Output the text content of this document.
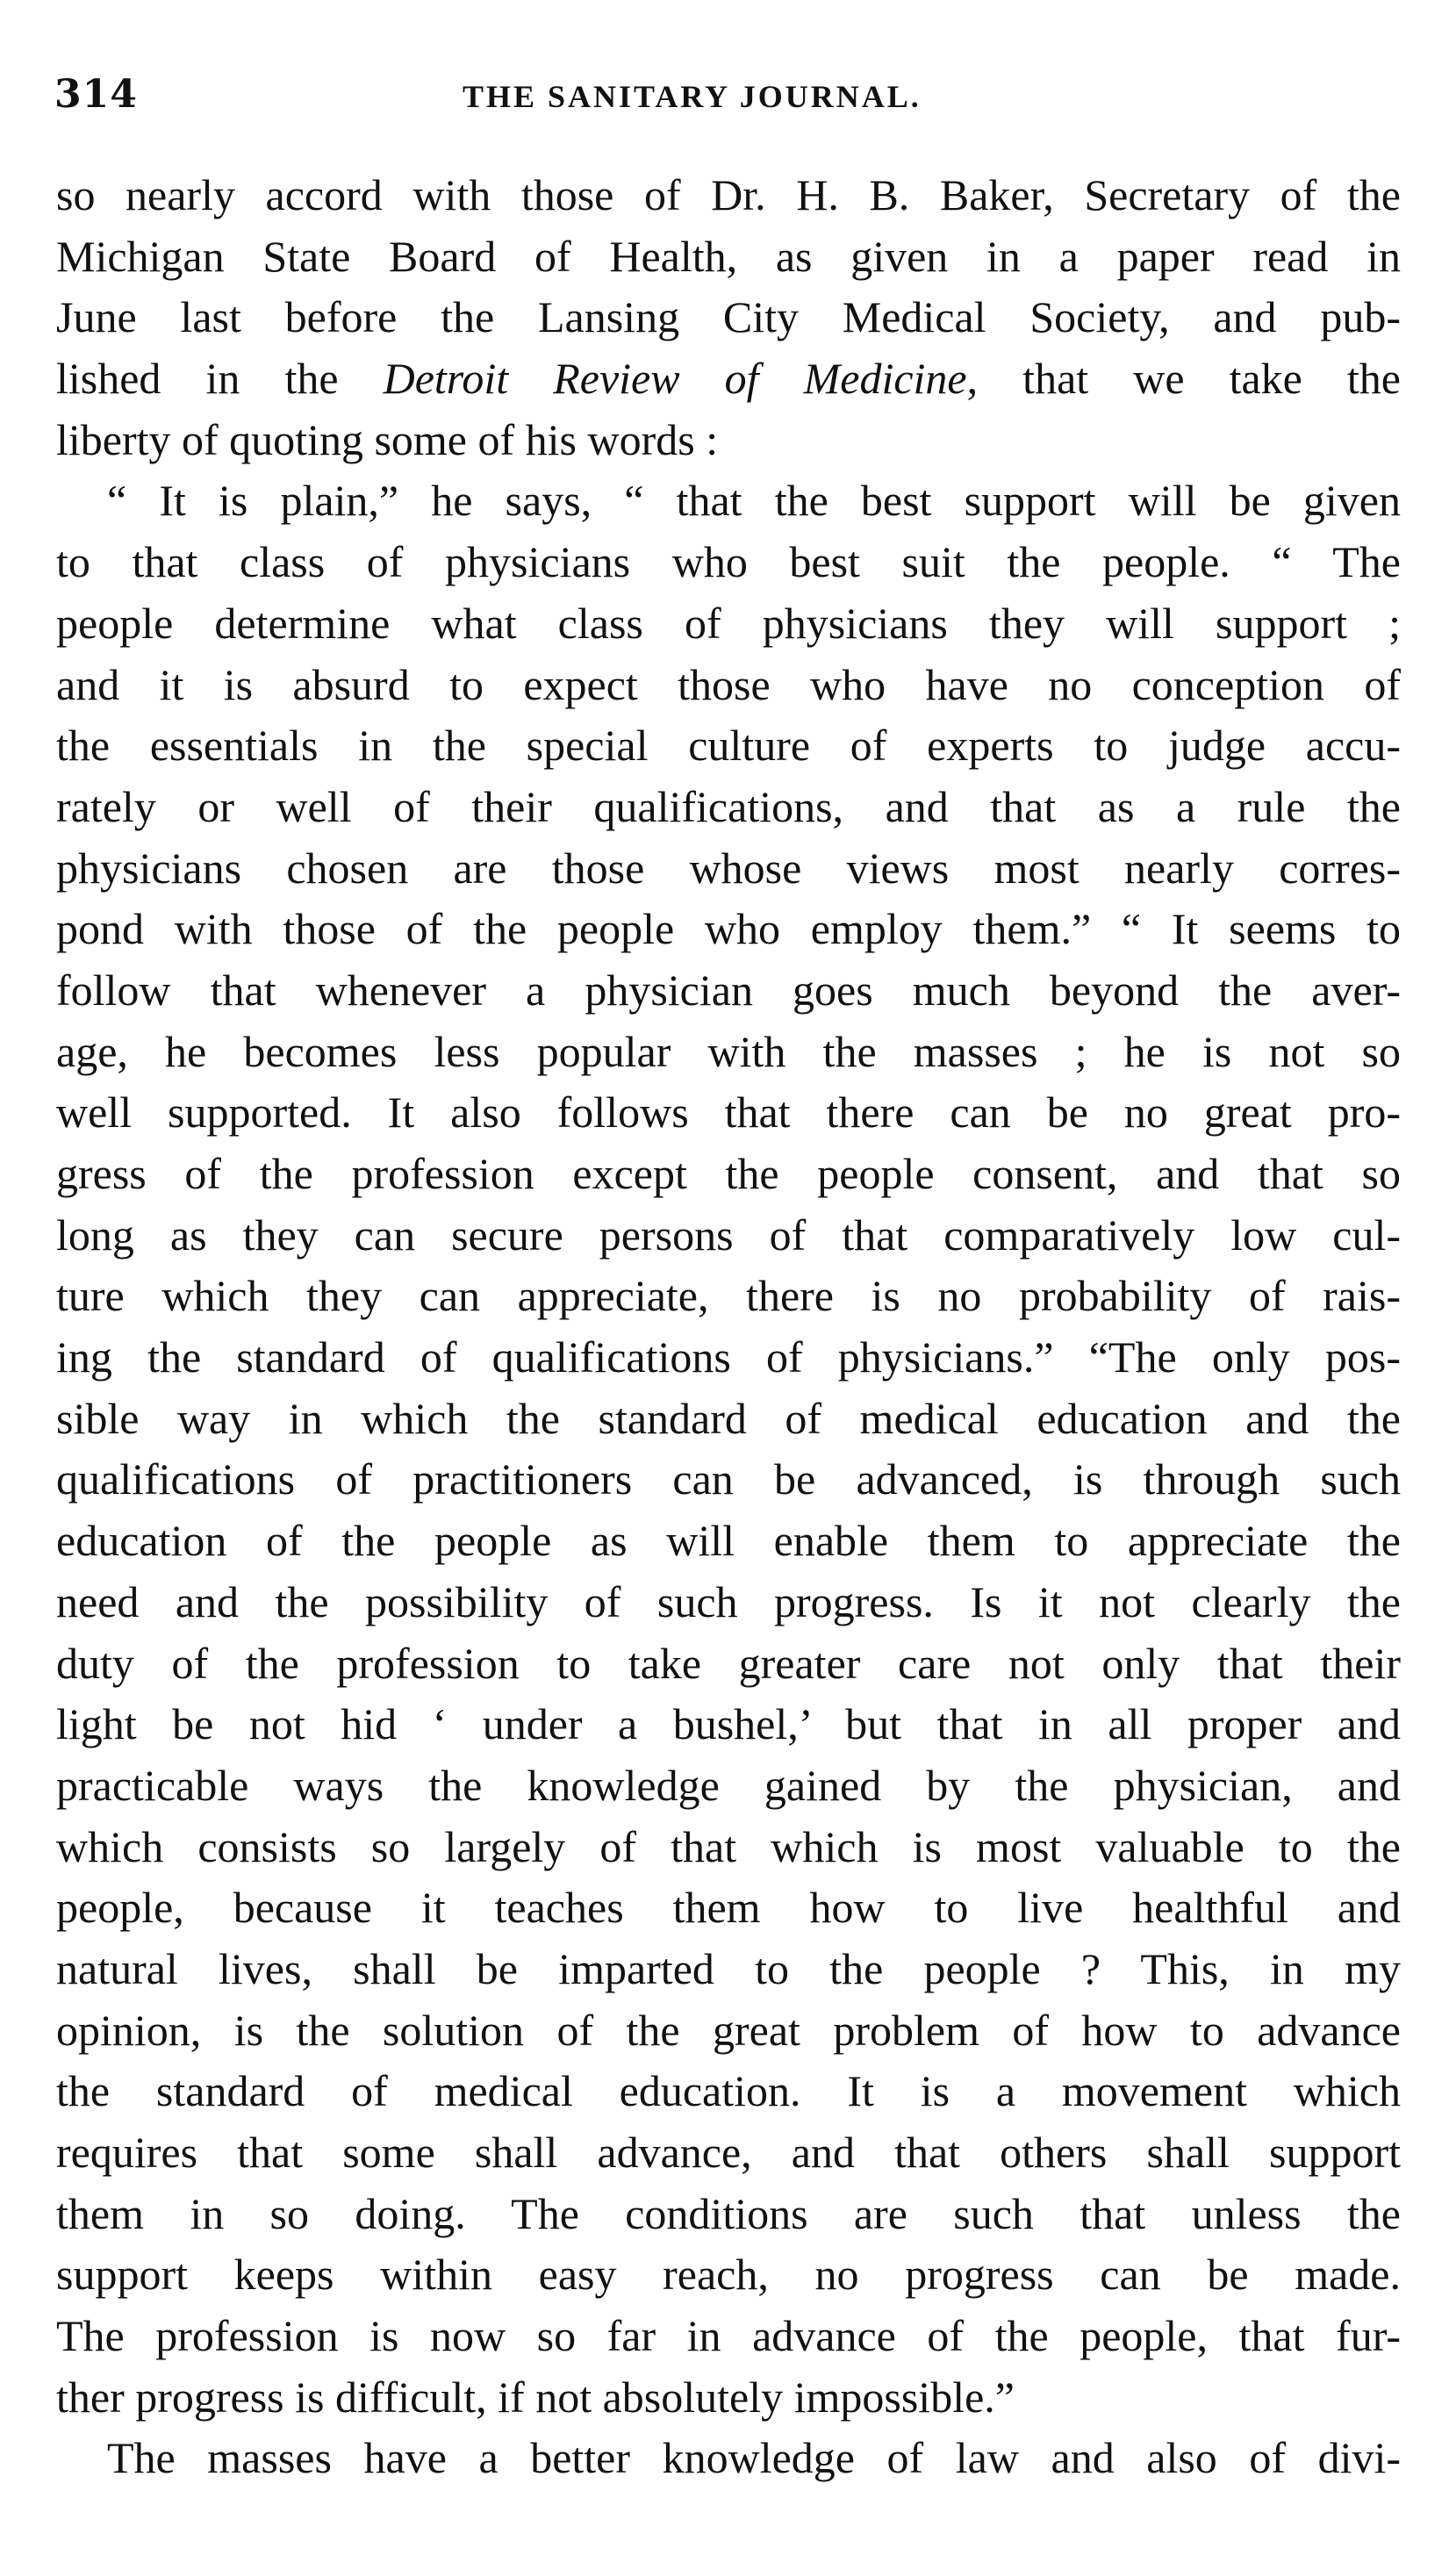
314	THE SANITARY JOURNAL.
so nearly accord with those of Dr. H. B. Baker, Secretary of the
Michigan State Board of Health, as given in a paper read in
June last before the Lansing City Medical Society, and pub-
lished in the Detroit Review of Medicine, that we take the
liberty of quoting some of his words :
“ It is plain,” he says, “ that the best support will be given
to that class of physicians who best suit the people. “ The
people determine what class of physicians they will support ;
and it is absurd to expect those who have no conception of
the essentials in the special culture of experts to judge accu-
rately or well of their qualifications, and that as a rule the
physicians chosen are those whose views most nearly corres-
pond with those of the people who employ them.” “ It seems to
follow that whenever a physician goes much beyond the aver-
age, he becomes less popular with the masses ; he is not so
well supported. It also follows that there can be no great pro-
gress of the profession except the people consent, and that so
long as they can secure persons of that comparatively low cul-
ture which they can appreciate, there is no probability of rais-
ing the standard of qualifications of physicians.” “The only pos-
sible way in which the standard of medical education and the
qualifications of practitioners can be advanced, is through such
education of the people as will enable them to appreciate the
need and the possibility of such progress. Is it not clearly the
duty of the profession to take greater care not only that their
light be not hid ‘ under a bushel,’ but that in all proper and
practicable ways the knowledge gained by the physician, and
which consists so largely of that which is most valuable to the
people, because it teaches them how to live healthful and
natural lives, shall be imparted to the people ? This, in my
opinion, is the solution of the great problem of how to advance
the standard of medical education. It is a movement which
requires that some shall advance, and that others shall support
them in so doing. The conditions are such that unless the
support keeps within easy reach, no progress can be made.
The profession is now so far in advance of the people, that fur-
ther progress is difficult, if not absolutely impossible.”
The masses have a better knowledge of law and also of divi-
